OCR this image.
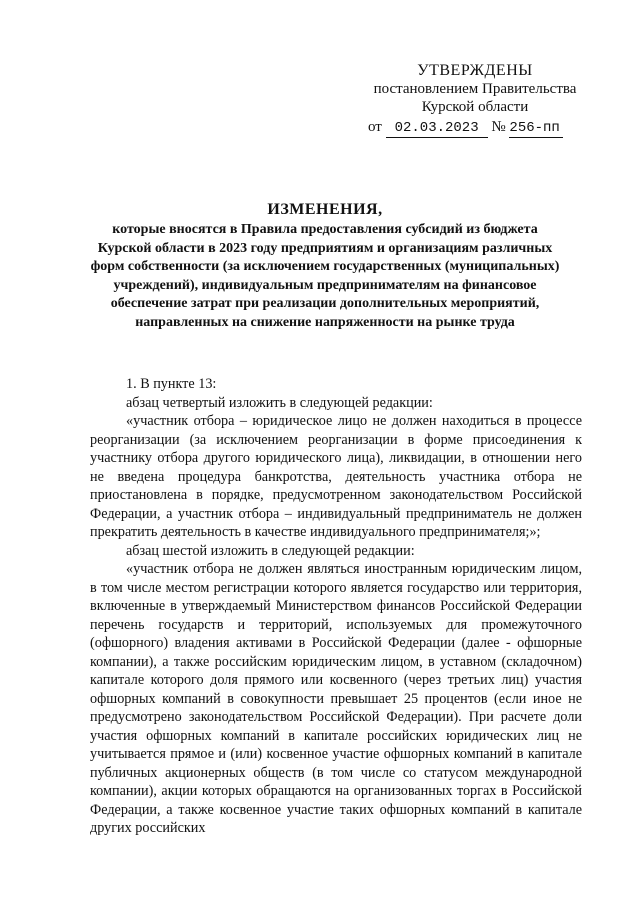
УТВЕРЖДЕНЫ
постановлением Правительства
Курской области
от 02.03.2023 № 256-пп
ИЗМЕНЕНИЯ,
которые вносятся в Правила предоставления субсидий из бюджета Курской области в 2023 году предприятиям и организациям различных форм собственности (за исключением государственных (муниципальных) учреждений), индивидуальным предпринимателям на финансовое обеспечение затрат при реализации дополнительных мероприятий, направленных на снижение напряженности на рынке труда

1. В пункте 13:

абзац четвертый изложить в следующей редакции:

«участник отбора – юридическое лицо не должен находиться в процессе реорганизации (за исключением реорганизации в форме присоединения к участнику отбора другого юридического лица), ликвидации, в отношении него не введена процедура банкротства, деятельность участника отбора не приостановлена в порядке, предусмотренном законодательством Российской Федерации, а участник отбора – индивидуальный предприниматель не должен прекратить деятельность в качестве индивидуального предпринимателя;»;

абзац шестой изложить в следующей редакции:

«участник отбора не должен являться иностранным юридическим лицом, в том числе местом регистрации которого является государство или территория, включенные в утверждаемый Министерством финансов Российской Федерации перечень государств и территорий, используемых для промежуточного (офшорного) владения активами в Российской Федерации (далее - офшорные компании), а также российским юридическим лицом, в уставном (складочном) капитале которого доля прямого или косвенного (через третьих лиц) участия офшорных компаний в совокупности превышает 25 процентов (если иное не предусмотрено законодательством Российской Федерации). При расчете доли участия офшорных компаний в капитале российских юридических лиц не учитывается прямое и (или) косвенное участие офшорных компаний в капитале публичных акционерных обществ (в том числе со статусом международной компании), акции которых обращаются на организованных торгах в Российской Федерации, а также косвенное участие таких офшорных компаний в капитале других российских
